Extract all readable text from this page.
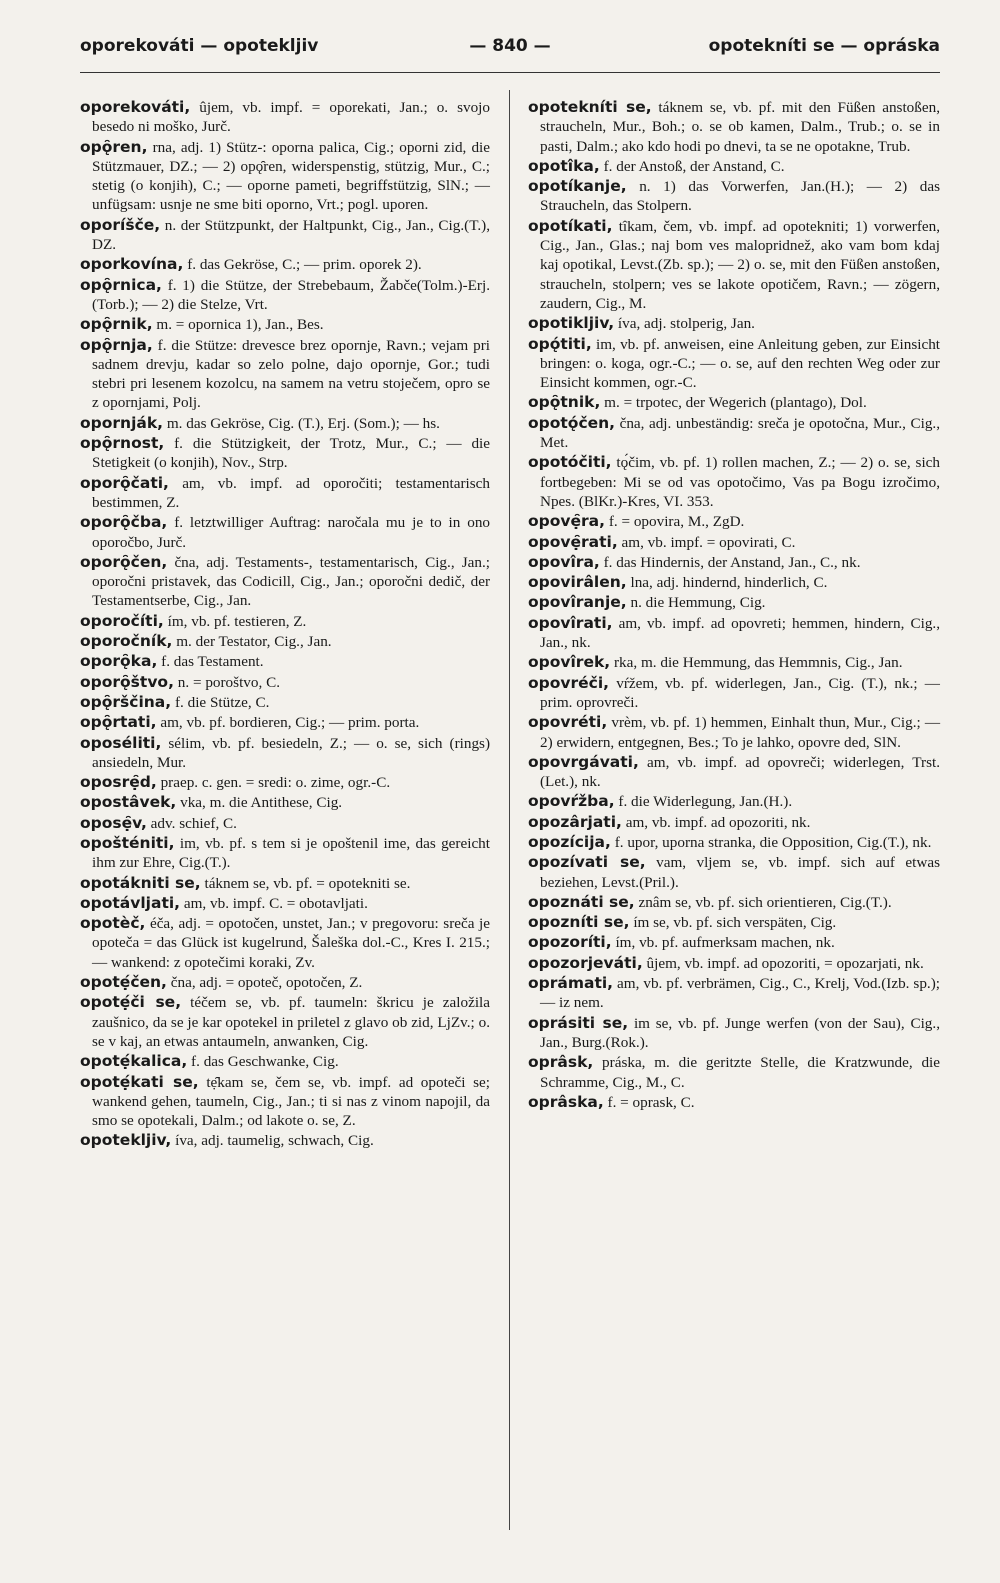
oporekováti — opotekljiv	— 840 —	opotekníti se — opráska

oporekováti, ûjem, vb. impf. = oporekati, Jan.; o. svojo besedo ni moško, Jurč.

opǫ̑ren, rna, adj. 1) Stütz-: oporna palica, Cig.; oporni zid, die Stützmauer, DZ.; — 2) opǫ̑ren, widerspenstig, stützig, Mur., C.; stetig (o konjih), C.; — oporne pameti, begriffstützig, SlN.; — unfügsam: usnje ne sme biti oporno, Vrt.; pogl. uporen.

oporíšče, n. der Stützpunkt, der Haltpunkt, Cig., Jan., Cig.(T.), DZ.

oporkovína, f. das Gekröse, C.; — prim. oporek 2).

opǫ̑rnica, f. 1) die Stütze, der Strebebaum, Žabče(Tolm.)-Erj.(Torb.); — 2) die Stelze, Vrt.

opǫ̑rnik, m. = opornica 1), Jan., Bes.

opǫ̑rnja, f. die Stütze: drevesce brez opornje, Ravn.; vejam pri sadnem drevju, kadar so zelo polne, dajo opornje, Gor.; tudi stebri pri lesenem kozolcu, na samem na vetru stoječem, opro se z opornjami, Polj.

opornják, m. das Gekröse, Cig. (T.), Erj. (Som.); — hs.

opǫ̑rnost, f. die Stützigkeit, der Trotz, Mur., C.; — die Stetigkeit (o konjih), Nov., Strp.

oporǫ̑čati, am, vb. impf. ad oporočiti; testamentarisch bestimmen, Z.

oporǫ̑čba, f. letztwilliger Auftrag: naročala mu je to in ono oporočbo, Jurč.

oporǫ̑čen, čna, adj. Testaments-, testamentarisch, Cig., Jan.; oporočni pristavek, das Codicill, Cig., Jan.; oporočni dedič, der Testamentserbe, Cig., Jan.

oporočíti, ím, vb. pf. testieren, Z.

oporočník, m. der Testator, Cig., Jan.

oporǫ̑ka, f. das Testament.

oporǫ̑štvo, n. = poroštvo, C.

opǫ̑rščina, f. die Stütze, C.

opǫ̑rtati, am, vb. pf. bordieren, Cig.; — prim. porta.

oposéliti, sélim, vb. pf. besiedeln, Z.; — o. se, sich (rings) ansiedeln, Mur.

oposrẹ̑d, praep. c. gen. = sredi: o. zime, ogr.-C.

opostâvek, vka, m. die Antithese, Cig.

oposẹ̑v, adv. schief, C.

opošténiti, im, vb. pf. s tem si je opoštenil ime, das gereicht ihm zur Ehre, Cig.(T.).

opotákniti se, táknem se, vb. pf. = opotekniti se.

opotávljati, am, vb. impf. C. = obotavljati.

opotèč, éča, adj. = opotočen, unstet, Jan.; v pregovoru: sreča je opoteča = das Glück ist kugelrund, Šaleška dol.-C., Kres I. 215.; — wankend: z opotečimi koraki, Zv.

opotẹ́čen, čna, adj. = opoteč, opotočen, Z.

opotẹ́či se, téčem se, vb. pf. taumeln: škricu je založila zaušnico, da se je kar opotekel in priletel z glavo ob zid, LjZv.; o. se v kaj, an etwas antaumeln, anwanken, Cig.

opotẹ́kalica, f. das Geschwanke, Cig.

opotẹ́kati se, tẹ̑kam se, čem se, vb. impf. ad opoteči se; wankend gehen, taumeln, Cig., Jan.; ti si nas z vinom napojil, da smo se opotekali, Dalm.; od lakote o. se, Z.

opotekljiv, íva, adj. taumelig, schwach, Cig.

opotekníti se, táknem se, vb. pf. mit den Füßen anstoßen, straucheln, Mur., Boh.; o. se ob kamen, Dalm., Trub.; o. se in pasti, Dalm.; ako kdo hodi po dnevi, ta se ne opotakne, Trub.

opotîka, f. der Anstoß, der Anstand, C.

opotíkanje, n. 1) das Vorwerfen, Jan.(H.); — 2) das Straucheln, das Stolpern.

opotíkati, tîkam, čem, vb. impf. ad opotekniti; 1) vorwerfen, Cig., Jan., Glas.; naj bom ves malopridnež, ako vam bom kdaj kaj opotikal, Levst.(Zb. sp.); — 2) o. se, mit den Füßen anstoßen, straucheln, stolpern; ves se lakote opotičem, Ravn.; — zögern, zaudern, Cig., M.

opotikljiv, íva, adj. stolperig, Jan.

opǫ́titi, im, vb. pf. anweisen, eine Anleitung geben, zur Einsicht bringen: o. koga, ogr.-C.; — o. se, auf den rechten Weg oder zur Einsicht kommen, ogr.-C.

opǫ̑tnik, m. = trpotec, der Wegerich (plantago), Dol.

opotǫ́čen, čna, adj. unbeständig: sreča je opotočna, Mur., Cig., Met.

opotóčiti, tǫ́čim, vb. pf. 1) rollen machen, Z.; — 2) o. se, sich fortbegeben: Mi se od vas opotočimo, Vas pa Bogu izročimo, Npes. (BlKr.)-Kres, VI. 353.

opovẹ̑ra, f. = opovira, M., ZgD.

opovẹ̑rati, am, vb. impf. = opovirati, C.

opovîra, f. das Hindernis, der Anstand, Jan., C., nk.

opovirâlen, lna, adj. hindernd, hinderlich, C.

opovîranje, n. die Hemmung, Cig.

opovîrati, am, vb. impf. ad opovreti; hemmen, hindern, Cig., Jan., nk.

opovîrek, rka, m. die Hemmung, das Hemmnis, Cig., Jan.

opovréči, vŕžem, vb. pf. widerlegen, Jan., Cig. (T.), nk.; — prim. oprovreči.

opovréti, vrèm, vb. pf. 1) hemmen, Einhalt thun, Mur., Cig.; — 2) erwidern, entgegnen, Bes.; To je lahko, opovre ded, SlN.

opovrgávati, am, vb. impf. ad opovreči; widerlegen, Trst.(Let.), nk.

opovŕžba, f. die Widerlegung, Jan.(H.).

opozârjati, am, vb. impf. ad opozoriti, nk.

opozícija, f. upor, uporna stranka, die Opposition, Cig.(T.), nk.

opozívati se, vam, vljem se, vb. impf. sich auf etwas beziehen, Levst.(Pril.).

opoznáti se, znâm se, vb. pf. sich orientieren, Cig.(T.).

opozníti se, ím se, vb. pf. sich verspäten, Cig.

opozoríti, ím, vb. pf. aufmerksam machen, nk.

opozorjeváti, ûjem, vb. impf. ad opozoriti, = opozarjati, nk.

oprámati, am, vb. pf. verbrämen, Cig., C., Krelj, Vod.(Izb. sp.); — iz nem.

oprásiti se, im se, vb. pf. Junge werfen (von der Sau), Cig., Jan., Burg.(Rok.).

oprâsk, práska, m. die geritzte Stelle, die Kratzwunde, die Schramme, Cig., M., C.

oprâska, f. = oprask, C.
